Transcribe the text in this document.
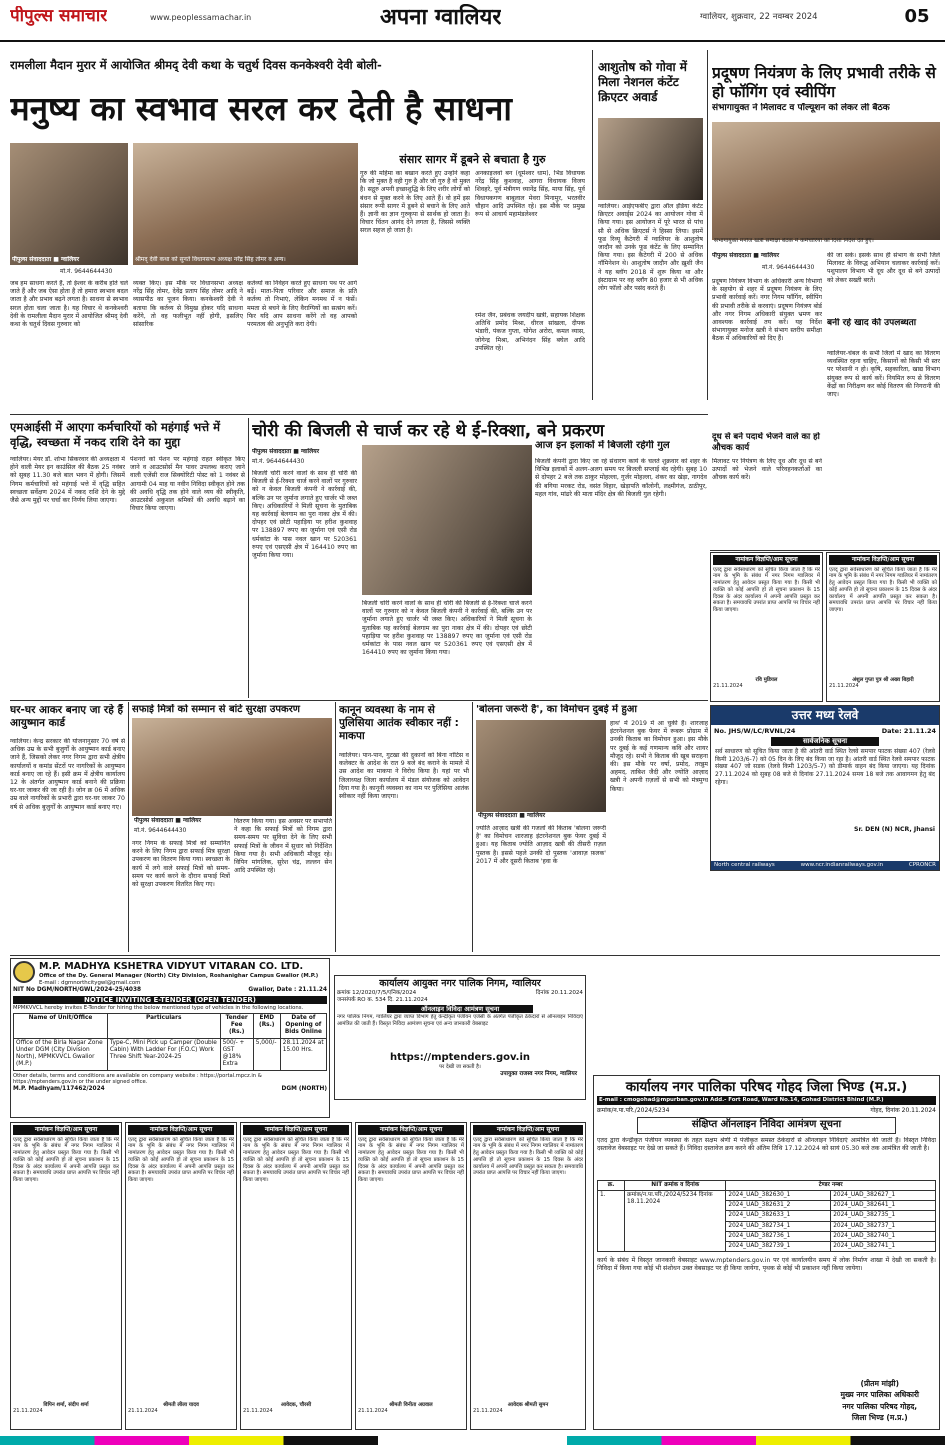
पीपुल्स समाचार	www.peoplessamachar.in	अपना ग्वालियर	ग्वालियर, शुक्रवार, 22 नवम्बर 2024	05
रामलीला मैदान मुरार में आयोजित श्रीमद् देवी कथा के चतुर्थ दिवस कनकेश्वरी देवी बोली-
मनुष्य का स्वभाव सरल कर देती है साधना
पीपुल्स संवाददाता ■ ग्वालियर	श्रीमद् देवी कथा को सुनते विधानसभा अध्यक्ष नरेंद्र सिंह तोमर व अन्य।
मो.नं. 9644644430
संसार सागर में डूबने से बचाता है गुरु
जब हम साधना करते हैं, तो ईश्वर के करीब होते चले जाते हैं और जब ऐसा होता है तो हमारा स्वभाव बदल जाता है और प्रभाव बढ़ने लगता है। साधना से स्वभाव सरल होता चला जाता है। यह विचार थे कनकेश्वरी देवी के रामलीला मैदान मुरार में आयोजित श्रीमद् देवी कथा के चतुर्थ दिवस गुरुवार को
व्यक्त किए। इस मौके पर विधानसभा अध्यक्ष नरेंद्र सिंह तोमर, देवेंद्र प्रताप सिंह तोमर आदि ने व्यासपीठ का पूजन किया। कनकेश्वरी देवी ने बताया कि कर्तव्य से विमुख होकर यदि साधना करेंगे, तो वह फलीभूत नहीं होगी, इसलिए सांसारिक
कर्तव्यों का निर्वहन करते हुए साधना पथ पर आगे बढ़ें। माता-पिता परिवार और समाज के प्रति कर्तव्य तो निभाएं, लेकिन मनमथ में न फंसें। ममता से बचने के लिए वैराग्यियों का सत्संग करें। फिर यदि आप साधना करेंगे तो वह आपको परमतत्व की अनुभूति करा देगी।
गुरु की महिमा का बखान करते हुए उन्होंने कहा कि जो मुक्त है वही गुरु है और जो गुरु है वो मुक्त है। सद्गुरु अपनी इच्छाशुद्धि के लिए शरीर लोगों को बंधन से मुक्त करने के लिए आते हैं। वो हमें इस संसार रूपी सागर में डूबने से बचाने के लिए आते हैं। ज्ञानी का ज्ञान गुरुकृपा से सार्थक हो जाता है। विचार चिंतन आनंद देने लगता है, जिससे व्यक्ति सरल सहज हो जाता है।
अनकाइजर्वा बन (धूमेश्वर धाम), भिंड विधायक नरेंद्र सिंह कुशवाह, आगरा विधायक विजय शिवहरे, पूर्व मंत्रीगण ध्यानेंद्र सिंह, माया सिंह, पूर्व विधायकगण बाबूलाल मेवरा मिनामुर, भरतवीर चौहान आदि उपस्थित रहे। इस मौके पर प्रमुख रूप से आचार्य महामंडलेश्वर
रमेश जैन, प्रबंधक जयदीप खत्री, सहायक शिक्षक अतिथि प्रमोद मिश्रा, धीरज सांखला, दीपक भंडारी, पंकज गुप्ता, योगेश अरोरा, कमल व्यास, जोगेन्द्र मिश्रा, अभिनंदन सिंह बघेल आदि उपस्थित रहे।
आशुतोष को गोवा में मिला नेशनल कंटेंट क्रिएटर अवार्ड
ग्वालियर। आईएफबीए द्वारा ऑल इंडिया कंटेंट क्रिएटर अवार्ड्स 2024 का आयोजन गोवा में किया गया। इस आयोजन में पूरे भारत से पांच सौ से अधिक क्रिएटर्स ने हिस्सा लिया। इसमें फूड रिव्यू कैटेगरी में ग्वालियर के आशुतोष जादौन को उनके फूड कंटेंट के लिए सम्मानित किया गया। इस कैटेगरी में 200 से अधिक नॉमिनेशन थे। आशुतोष जादौन और ख़ुशी जैन ने यह ब्लॉग 2018 में शुरू किया था और इंस्टाग्राम पर वह ब्लॉग 80 हजार से भी अधिक लोग फॉलो और पसंद करते हैं।
प्रदूषण नियंत्रण के लिए प्रभावी तरीके से हो फॉगिंग एवं स्वीपिंग
संभागायुक्त ने मिलावट व पॉल्यूशन को लेकर ली बैठक
संभागायुक्त मनोज खत्री समीक्षा बैठक में कर्मचारियों को दिशा निर्देश देते हुए।
पीपुल्स संवाददाता ■ ग्वालियर
मो.नं. 9644644430
प्रदूषण नियंत्रण विभाग के अधिकारी अन्य विभागों के सहयोग से शहर में प्रदूषण नियंत्रण के लिए प्रभावी कार्रवाई करें। नगर निगम फॉगिंग, स्वीपिंग की प्रभावी तरीके से करवाएं। प्रदूषण नियंत्रण बोर्ड और नगर निगम अधिकारी संयुक्त भ्रमण कर आवश्यक कार्रवाई तय करें। यह निर्देश संभागायुक्त मनोज खत्री ने संभाग स्तरीय समीक्षा बैठक में अधिकारियों को दिए हैं।
दूध से बने पदार्थ भेजने वाले का हो औचक कार्य
मिलावट पर नियंत्रण के लिए दूध और दूध से बने उत्पादों को भेजने वाले परिवहनकर्ताओं का औचक कार्य करें।
की जा सके। इसके साथ ही संभाग के सभी जिले मिलावट के विरुद्ध अभियान चलाकर कार्रवाई करें। पशुपालन विभाग भी दूध और दूध से बने उत्पादों को लेकर सख्ती बरतें।
बनी रहे खाद की उपलब्धता
ग्वालियर-चंबल के सभी जिलों में खाद का वितरण व्यवस्थित रहना चाहिए, किसानों को किसी भी स्तर पर परेशानी न हो। कृषि, सहकारिता, खाद्य विभाग संयुक्त रूप से कार्य करें। नियमित रूप से वितरण केंद्रों का निरीक्षण कर कोई वितरण की निगरानी की जाए।
एमआईसी में आएगा कर्मचारियों को महंगाई भत्ते में वृद्धि, स्वच्छता में नकद राशि देने का मुद्दा
ग्वालियर। मेयर डॉ. शोभा सिकरवार की अध्यक्षता में होने वाली मेयर इन काउंसिल की बैठक 25 नवंबर को सुबह 11.30 बजे बाल भवन में होगी। जिसमें निगम कर्मचारियों को महंगाई भत्ते में वृद्धि सहित स्वच्छता सर्वेक्षण 2024 में नकद राशि देने के मुद्दे जैसे अन्य मुद्दों पर चर्चा कर निर्णय लिया जाएगा।
पेंशनरों को पेंशन पर महंगाई राहत स्वीकृत किए जाने व आउटसोर्स मैन पावर उपलब्ध कराए जाने वाली एजेंसी राज सिक्योरिटी पोस्ट को 1 नवंबर से आगामी 04 माह या नवीन निविदा स्वीकृत होने तक की अवधि वृद्धि तक होने वाले व्यय की स्वीकृति, आउटसोर्स अकुशल श्रमिकों की अवधि बढ़ाने का विचार किया जाएगा।
चोरी की बिजली से चार्ज कर रहे थे ई-रिक्शा, बने प्रकरण
पीपुल्स संवाददाता ■ ग्वालियर
मो.नं. 9644644430
बिजली चोरी करने वालों के साथ ही चोरी की बिजली से ई-रिक्शा चार्ज करने वालों पर गुरुवार को न केवल बिजली कंपनी ने कार्रवाई की, बल्कि उन पर जुर्माना लगाते हुए चार्जर भी जब्त किए। अधिकारियों ने मिली सूचना के मुताबिक यह कार्रवाई बेलगाम का पुरा नाका क्षेत्र में की। दोपहर एवं छोटी पहाड़िया पर हरीश कुशवाह पर 138897 रुपए का जुर्माना एवं एसी रोड धर्मकांटा के पास नवल खान पर 520361 रुपए एवं एसएसी क्षेत्र में 164410 रुपए का जुर्माना किया गया।
बिजली चोरी करने वालों के साथ ही चोरी की बिजली से ई-रिक्शा चार्ज करने वालों पर गुरुवार को न केवल बिजली कंपनी ने कार्रवाई की, बल्कि उन पर जुर्माना लगाते हुए चार्जर भी जब्त किए। अधिकारियों ने मिली सूचना के मुताबिक यह कार्रवाई बेलगाम का पुरा नाका क्षेत्र में की। दोपहर एवं छोटी पहाड़िया पर हरीश कुशवाह पर 138897 रुपए का जुर्माना एवं एसी रोड धर्मकांटा के पास नवल खान पर 520361 रुपए एवं एसएसी क्षेत्र में 164410 रुपए का जुर्माना किया गया।
आज इन इलाकों में बिजली रहेगी गुल
बिजली कंपनी द्वारा किए जा रहे संधारण कार्य के चलते शुक्रवार को शहर के विभिन्न इलाकों में अलग-अलग समय पर बिजली सप्लाई बंद रहेगी। सुबह 10 से दोपहर 2 बजे तक ठाकुर मोहल्ला, गुर्जर मोहल्ला, शंकर का खेड़ा, नागदेव की बगिया मरकट रोड, वसंत विहार, खेड़ापति कॉलोनी, लक्ष्मीगंज, ठाठीपुर, महल गांव, मांढरे की माता मंदिर क्षेत्र की बिजली गुल रहेगी।
नामांकन विज्ञप्ति/आम सूचना
एतद् द्वारा सर्वसाधारण को सूचित किया जाता है कि मेरे नाम के भूमि के संबंध में नगर निगम ग्वालियर में नामांतरण हेतु आवेदन प्रस्तुत किया गया है। किसी भी व्यक्ति को कोई आपत्ति हो तो सूचना प्रकाशन के 15 दिवस के अंदर कार्यालय में अपनी आपत्ति प्रस्तुत कर सकता है। समयावधि उपरांत प्राप्त आपत्ति पर विचार नहीं किया जाएगा।
रवि मुडियल
21.11.2024
नामांकन विज्ञप्ति/आम सूचना
एतद् द्वारा सर्वसाधारण को सूचित किया जाता है कि मेरे नाम के भूमि के संबंध में नगर निगम ग्वालियर में नामांतरण हेतु आवेदन प्रस्तुत किया गया है। किसी भी व्यक्ति को कोई आपत्ति हो तो सूचना प्रकाशन के 15 दिवस के अंदर कार्यालय में अपनी आपत्ति प्रस्तुत कर सकता है। समयावधि उपरांत प्राप्त आपत्ति पर विचार नहीं किया जाएगा।
अंशुल गुप्ता पुत्र श्री अख्य बिहारी
21.11.2024
उत्तर मध्य रेलवे
No. JHS/W/LC/RVNL/24	Date: 21.11.24
सार्वजनिक सूचना
सर्व साधारण को सूचित किया जाता है की आंतरी वार्ड स्थित रेलवे समपार फाटक संख्या 407 (रेलवे किमी 1203/6-7) को 05 दिन के लिए बंद किया जा रहा है। आंतरी वार्ड स्थित रेलवे समपार फाटक संख्या 407 जो सडक (रेलवे किमी 1203/5-7) को डीमार्क वाहन बंद किया जाएगा। यह दिनांक 27.11.2024 को सुबह 08 बजे से दिनांक 27.11.2024 समय 18 बजे तक आवागमन हेतु बंद रहेगा।
Sr. DEN (N) NCR, Jhansi
North central railways	www.ncr.indianrailways.gov.in	CPRONCR
घर-घर आकर बनाए जा रहे हैं आयुष्मान कार्ड
ग्वालियर। केन्द्र सरकार की योजनानुसार 70 वर्ष से अधिक उम्र के सभी बुजुर्गों के आयुष्मान कार्ड बनाए जाने हैं, जिसको लेकर नगर निगम द्वारा सभी क्षेत्रीय कार्यालयों व कमांड सेंटरों पर नागरिकों के आयुष्मान कार्ड बनाए जा रहे हैं। इसी क्रम में क्षेत्रीय कार्यालय 12 के अंतर्गत आयुष्मान कार्ड बनाने की प्रक्रिया घर-घर जाकर की जा रही है। जोन क्र 06 में अधिक उम्र वाले नागरिकों के प्रभारी द्वारा घर-घर जाकर 70 वर्ष से अधिक बुजुर्गों के आयुष्मान कार्ड बनाए गए।
सफाई मित्रों को सम्मान से बांटे सुरक्षा उपकरण
पीपुल्स संवाददाता ■ ग्वालियर
मो.नं. 9644644430
नगर निगम के सफाई मित्रों को सम्मानित करने के लिए निगम द्वारा सफाई मित्र सुरक्षा उपकरण का वितरण किया गया। स्वच्छता के कार्य में लगे वाले सफाई मित्रों को समय-समय पर कार्य करने के दौरान सफाई मित्रों को सुरक्षा उपकरण वितरित किए गए।
वितरण किया गया। इस अवसर पर सभापति ने कहा कि सफाई मित्रों को निगम द्वारा समय-समय पर सुविधा देने के लिए सभी सफाई मित्रों के जीवन में सुधार को निर्देशित किया गया है। सभी अधिकारी मौजूद रहे। विपिन मांगलिक, सुरेश चंद्र, लल्लन सेन आदि उपस्थित रहे।
कानून व्यवस्था के नाम से पुलिसिया आतंक स्वीकार नहीं : माकपा
ग्वालियर। पान-पान, गुटखा की दुकानों को बिना नोटिस व कलेक्टर के आदेश के रात 9 बजे बंद कराने के मामले में उस आदेश का माकपा ने विरोध किया है। यहां पर भी जिलाध्यक्ष जिला कार्यालय में मंडल संयोजक को आवेदन दिया गया है। कानूनी व्यवस्था का नाम पर पुलिसिया आतंक स्वीकार नहीं किया जाएगा।
'बोलना जरूरी है', का विमोचन दुबई में हुआ
पीपुल्स संवाददाता ■ ग्वालियर
ज्योति आज़ाद खत्री की गजलों की किताब 'बोलना जरूरी है' का विमोचन शारजाह इंटरनेशनल बुक फेयर दुबई में हुआ। यह किताब ज्योति आज़ाद खत्री की तीसरी ग़ज़ल पुस्तक है। इससे पहले उनकी दो पुस्तक 'आवाज़ फ़लक' 2017 में और दूसरी किताब 'हवा के
हाथ' में 2019 में आ चुकी हैं। शारजाह इंटरनेशनल बुक फेयर में रूबरू प्रोग्राम में उनकी किताब का विमोचन हुआ। इस मौके पर दुबई के कई गणमान्य कवि और शायर मौजूद रहे। सभी ने किताब की खूब सराहना की। इस मौके पर वर्षा, प्रमोद, तरन्नुम अहमद, ताबिश जैदी और ज्योति आज़ाद खत्री ने अपनी ग़ज़लों से सभी को मंत्रमुग्ध किया।
M.P. MADHYA KSHETRA VIDYUT VITARAN CO. LTD.
Office of the Dy. General Manager (North) City Division, Roshanighar Campus Gwalior (M.P.)
E-mail : dgmnorthcitygwl@gmail.com
NIT No DGM/NORTH/GWL/2024-25/4038	Gwalior, Date : 21.11.24
NOTICE INVITING E-TENDER (OPEN TENDER)
MPMKVVCL hereby invites E-Tender for hiring the below mentioned type of vehicles in the following locations.
Name of Unit/Office	Particulars	Tender Fee (Rs.)	EMD (Rs.)	Date of Opening of Bids Online
Office of the Birla Nagar Zone Under DGM (City Division North), MPMKVVCL Gwalior (M.P.)	Type-C, Mini Pick up Camper (Double Cabin) With Ladder For (F.O.C) Work Three Shift Year-2024-25	500/- + GST @18% Extra	5,000/-	28.11.2024 at 15.00 Hrs.
Other details, terms and conditions are available on company website : https://portal.mpcz.in & https://mptenders.gov.in or the under signed office.
M.P. Madhyam/117462/2024	DGM (NORTH)
कार्यालय आयुक्त नगर पालिक निगम, ग्वालियर
क्रमांक 12/2020/7/5/एनिक/2024	दिनांक 20.11.2024
जनसंपर्क RO क. 534 दि. 21.11.2024
ऑनलाइन विविदा आमंत्रण सूचना
नगर पालिक निगम, ग्वालियर द्वारा व्याप्त विभाग हेतु केन्द्रीकृत पंजीयन एजेंसी के अंतर्गत पंजीकृत ठेकेदारों से ऑनलाइन निविदाएं आमंत्रित की जाती हैं। विस्तृत निविदा आमंत्रण सूचना एवं अन्य जानकारी वेबसाइट
https://mptenders.gov.in
पर देखी जा सकती है।
उपायुक्त राजस्व नगर निगम, ग्वालियर
कार्यालय नगर पालिका परिषद गोहद जिला भिण्ड (म.प्र.)
E-mail : cmogohad@mpurban.gov.in Add.- Fort Road, Ward No.14, Gohad District Bhind (M.P.)
क्रमांक/न.पा.परि./2024/5234	गोहद, दिनांक 20.11.2024
संक्षिप्त ऑनलाइन निविदा आमंत्रण सूचना
एतद द्वारा केन्द्रीकृत पंजीयन व्यवस्था के तहत सक्षम श्रेणी में पंजीकृत समस्त ठेकेदारों से ऑनलाइन निविदाएं आमंत्रित की जाती हैं। विस्तृत निविदा दस्तावेज वेबसाइट पर देखे जा सकते हैं। निविदा दस्तावेज क्रय करने की अंतिम तिथि 17.12.2024 को सायं 05.30 बजे तक आमंत्रित की जाती है।
क्र.	NIT क्रमांक व दिनांक	टेण्डर नम्बर	
1.	क्रमांक/न.पा.परि./2024/5234 दिनांक 18.11.2024	2024_UAD_382630_1	2024_UAD_382627_1
		2024_UAD_382631_2	2024_UAD_382641_1
		2024_UAD_382633_1	2024_UAD_382735_1
		2024_UAD_382734_1	2024_UAD_382737_1
		2024_UAD_382736_1	2024_UAD_382740_1
		2024_UAD_382739_1	2024_UAD_382741_1
कार्य के संबंध में विस्तृत जानकारी वेबसाइट www.mptenders.gov.in पर एवं कार्यालयीन समय में लोक निर्माण शाखा में देखी जा सकती है। निविदा में किया गया कोई भी संशोधन उक्त वेबसाइट पर ही किया जायेगा, पृथक से कोई भी प्रकाशन नहीं किया जायेगा।
(प्रीतम मांझी)
मुख्य नगर पालिका अधिकारी
नगर पालिका परिषद गोहद,
जिला भिण्ड (म.प्र.)
नामांकन विज्ञप्ति/आम सूचना
एतद् द्वारा सर्वसाधारण को सूचित किया जाता है कि मेरे नाम के भूमि के संबंध में नगर निगम ग्वालियर में नामांतरण हेतु आवेदन प्रस्तुत किया गया है। किसी भी व्यक्ति को कोई आपत्ति हो तो सूचना प्रकाशन के 15 दिवस के अंदर कार्यालय में अपनी आपत्ति प्रस्तुत कर सकता है। समयावधि उपरांत प्राप्त आपत्ति पर विचार नहीं किया जाएगा।
विपिन शर्मा, संदीप शर्मा
21.11.2024
नामांकन विज्ञप्ति/आम सूचना
एतद् द्वारा सर्वसाधारण को सूचित किया जाता है कि मेरे नाम के भूमि के संबंध में नगर निगम ग्वालियर में नामांतरण हेतु आवेदन प्रस्तुत किया गया है। किसी भी व्यक्ति को कोई आपत्ति हो तो सूचना प्रकाशन के 15 दिवस के अंदर कार्यालय में अपनी आपत्ति प्रस्तुत कर सकता है। समयावधि उपरांत प्राप्त आपत्ति पर विचार नहीं किया जाएगा।
श्रीमती लीला यादव
21.11.2024
नामांकन विज्ञप्ति/आम सूचना
एतद् द्वारा सर्वसाधारण को सूचित किया जाता है कि मेरे नाम के भूमि के संबंध में नगर निगम ग्वालियर में नामांतरण हेतु आवेदन प्रस्तुत किया गया है। किसी भी व्यक्ति को कोई आपत्ति हो तो सूचना प्रकाशन के 15 दिवस के अंदर कार्यालय में अपनी आपत्ति प्रस्तुत कर सकता है। समयावधि उपरांत प्राप्त आपत्ति पर विचार नहीं किया जाएगा।
आवेदक, चौरसी
21.11.2024
नामांकन विज्ञप्ति/आम सूचना
एतद् द्वारा सर्वसाधारण को सूचित किया जाता है कि मेरे नाम के भूमि के संबंध में नगर निगम ग्वालियर में नामांतरण हेतु आवेदन प्रस्तुत किया गया है। किसी भी व्यक्ति को कोई आपत्ति हो तो सूचना प्रकाशन के 15 दिवस के अंदर कार्यालय में अपनी आपत्ति प्रस्तुत कर सकता है। समयावधि उपरांत प्राप्त आपत्ति पर विचार नहीं किया जाएगा।
श्रीमती विनीता अग्रवाल
21.11.2024
नामांकन विज्ञप्ति/आम सूचना
एतद् द्वारा सर्वसाधारण को सूचित किया जाता है कि मेरे नाम के भूमि के संबंध में नगर निगम ग्वालियर में नामांतरण हेतु आवेदन प्रस्तुत किया गया है। किसी भी व्यक्ति को कोई आपत्ति हो तो सूचना प्रकाशन के 15 दिवस के अंदर कार्यालय में अपनी आपत्ति प्रस्तुत कर सकता है। समयावधि उपरांत प्राप्त आपत्ति पर विचार नहीं किया जाएगा।
आवेदक श्रीमती सुमन
21.11.2024
